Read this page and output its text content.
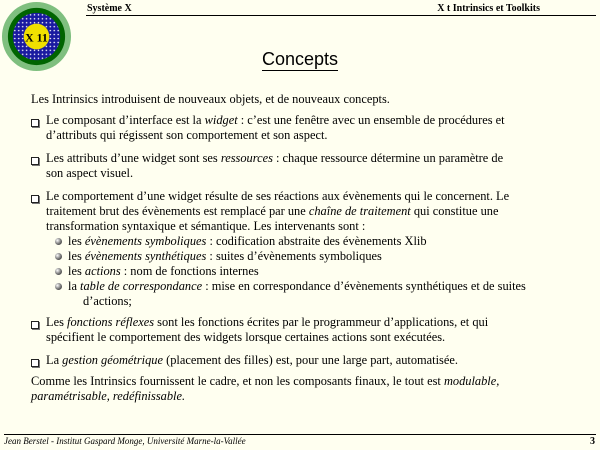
X 11
Système X	X t Intrinsics et Toolkits
Concepts

Les Intrinsics introduisent de nouveaux objets, et de nouveaux concepts.

Le composant d’interface est la widget : c’est une fenêtre avec un ensemble de procédures et
d’attributs qui régissent son comportement et son aspect.
Les attributs d’une widget sont ses ressources : chaque ressource détermine un paramètre de
son aspect visuel.
Le comportement d’une widget résulte de ses réactions aux évènements qui le concernent. Le
traitement brut des évènements est remplacé par une chaîne de traitement qui constitue une
transformation syntaxique et sémantique. Les intervenants sont :
les évènements symboliques : codification abstraite des évènements Xlib
les évènements synthétiques : suites d’évènements symboliques
les actions : nom de fonctions internes
la table de correspondance : mise en correspondance d’évènements synthétiques et de suites
d’actions;
Les fonctions réflexes sont les fonctions écrites par le programmeur d’applications, et qui
spécifient le comportement des widgets lorsque certaines actions sont exécutées.
La gestion géométrique (placement des filles) est, pour une large part, automatisée.

Comme les Intrinsics fournissent le cadre, et non les composants finaux, le tout est modulable,
paramétrisable, redéfinissable.

Jean Berstel - Institut Gaspard Monge, Université Marne-la-Vallée	3
